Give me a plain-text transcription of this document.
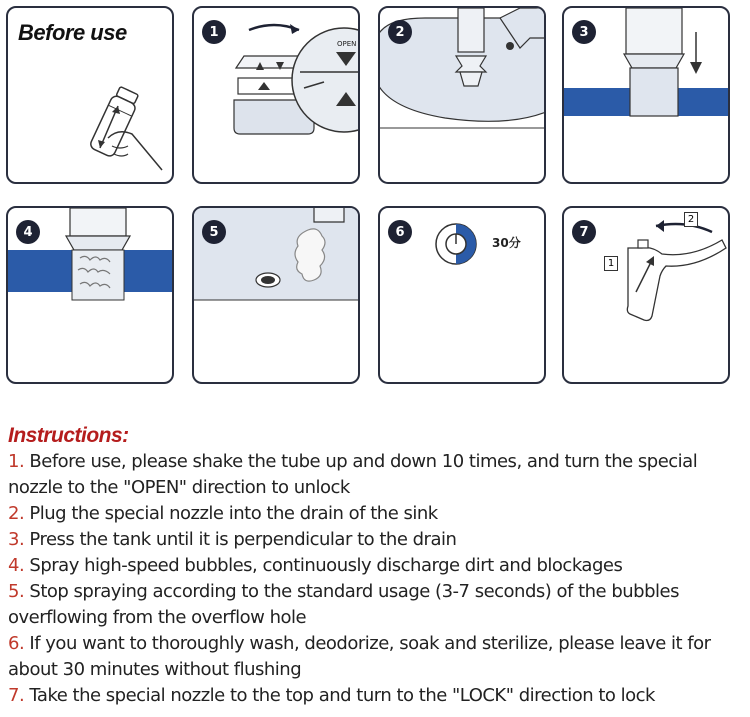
Before use	1
OPEN
2	3
4	5	6
30分
7
1
2
Instructions:
1. Before use, please shake the tube up and down 10 times, and turn the special nozzle to the "OPEN" direction to unlock
2. Plug the special nozzle into the drain of the sink
3. Press the tank until it is perpendicular to the drain
4. Spray high-speed bubbles, continuously discharge dirt and blockages
5. Stop spraying according to the standard usage (3-7 seconds) of the bubbles overflowing from the overflow hole
6. If you want to thoroughly wash, deodorize, soak and sterilize, please leave it for about 30 minutes without flushing
7. Take the special nozzle to the top and turn to the "LOCK" direction to lock
